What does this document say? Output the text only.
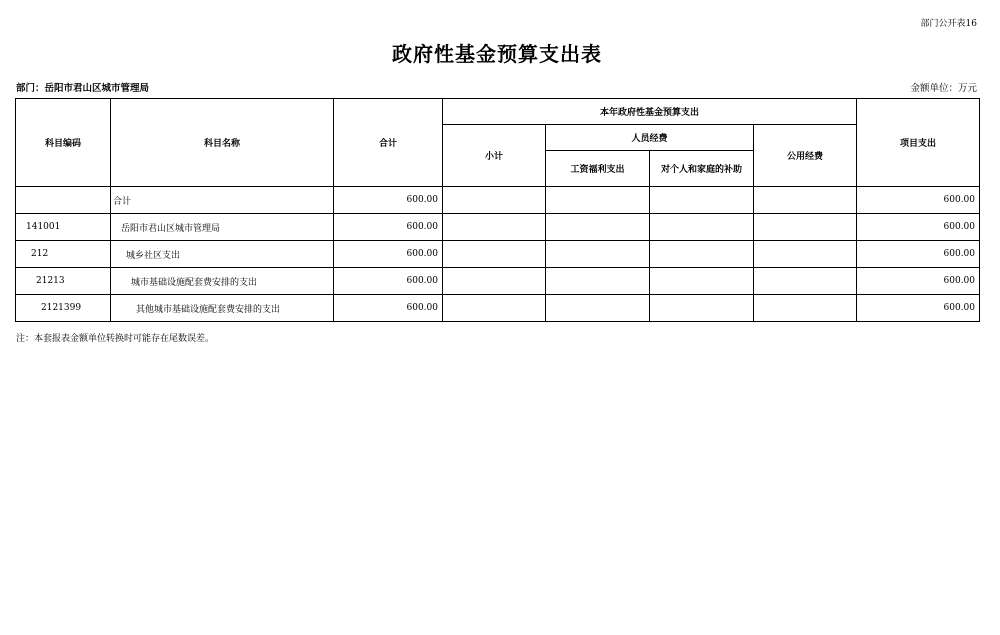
部门公开表16
政府性基金预算支出表
部门：岳阳市君山区城市管理局	金额单位：万元
科目编码	科目名称	合计	本年政府性基金预算支出				项目支出
			小计	人员经费		公用经费	
				工资福利支出	对个人和家庭的补助		
	合计	600.00					600.00
141001	岳阳市君山区城市管理局	600.00					600.00
212	城乡社区支出	600.00					600.00
21213	城市基础设施配套费安排的支出	600.00					600.00
2121399	其他城市基础设施配套费安排的支出	600.00					600.00
注：本套报表金额单位转换时可能存在尾数误差。
